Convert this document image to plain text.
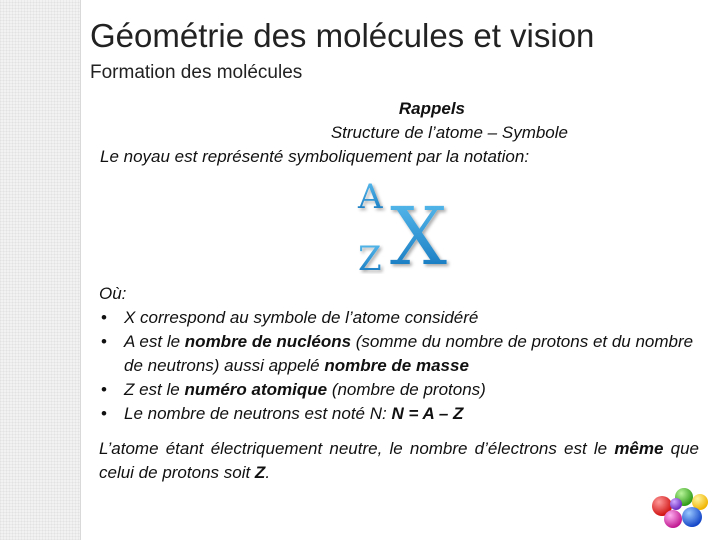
Géométrie des molécules et vision
Formation des molécules
Rappels
Structure de l’atome – Symbole
Le noyau est représenté symboliquement par la notation:
A
Z X

Où:

• X correspond au symbole de l’atome considéré
• A est le nombre de nucléons (somme du nombre de protons et du nombre de neutrons) aussi appelé nombre de masse
• Z est le numéro atomique (nombre de protons)
• Le nombre de neutrons est noté N: N = A – Z
L’atome étant électriquement neutre, le nombre d’électrons est le même que celui de protons soit Z.
